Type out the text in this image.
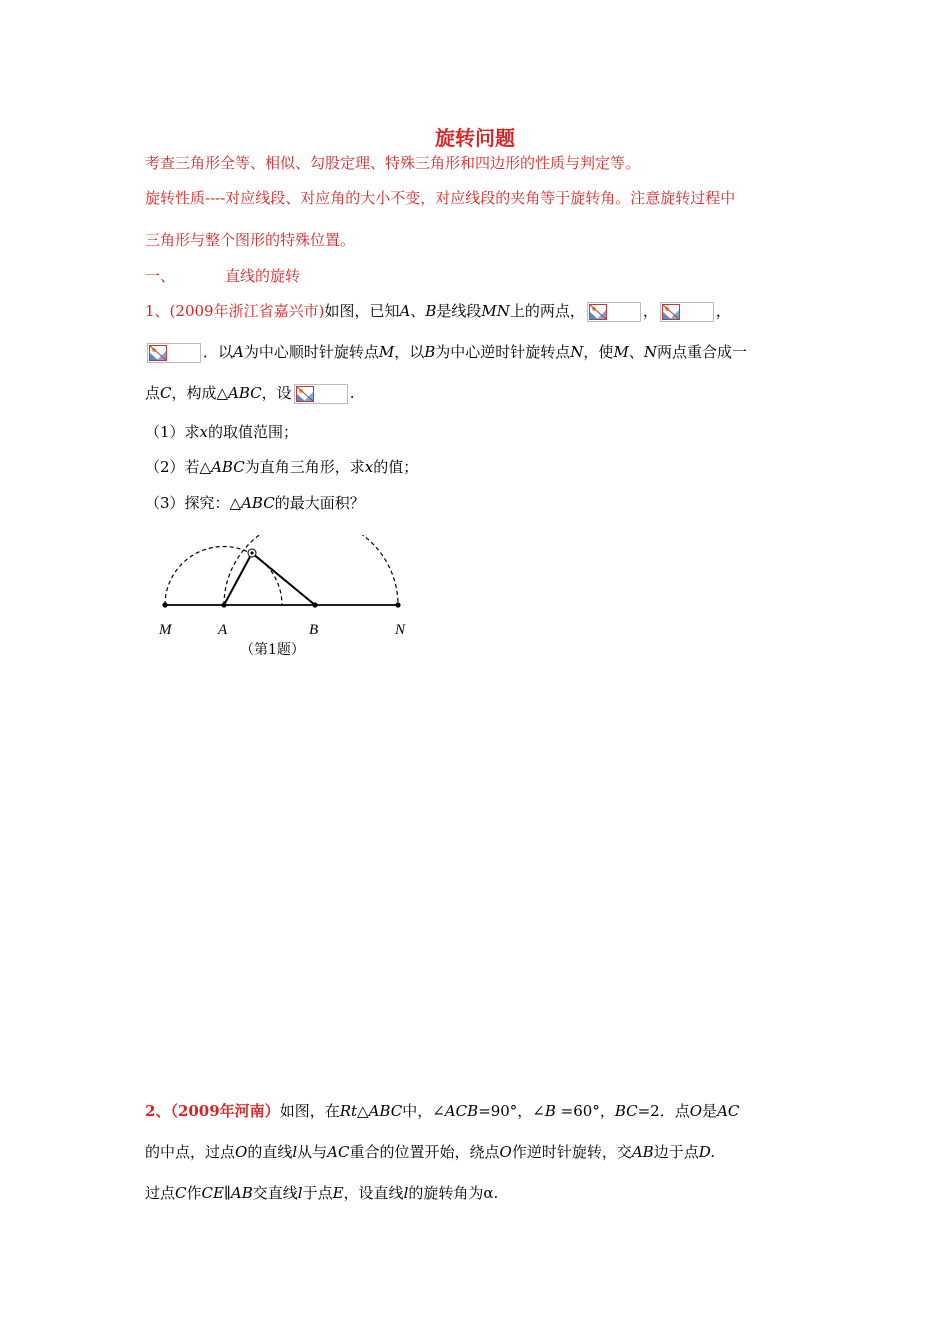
旋转问题
考查三角形全等、相似、勾股定理、特殊三角形和四边形的性质与判定等。
旋转性质----对应线段、对应角的大小不变，对应线段的夹角等于旋转角。注意旋转过程中
三角形与整个图形的特殊位置。
一、	直线的旋转
1、(2009年浙江省嘉兴市)如图，已知A、B是线段MN上的两点，	，	，
．以A为中心顺时针旋转点M，以B为中心逆时针旋转点N，使M、N两点重合成一
点C，构成△ABC，设	.
（1）求x的取值范围；
（2）若△ABC为直角三角形，求x的值；
（3）探究：△ABC的最大面积？
M	A	B	N
（第1题）
2、（2009年河南）如图，在Rt△ABC中，∠ACB=90°，∠B =60°，BC=2．点O是AC
的中点，过点O的直线l从与AC重合的位置开始，绕点O作逆时针旋转，交AB边于点D.
过点C作CE∥AB交直线l于点E，设直线l的旋转角为α.
